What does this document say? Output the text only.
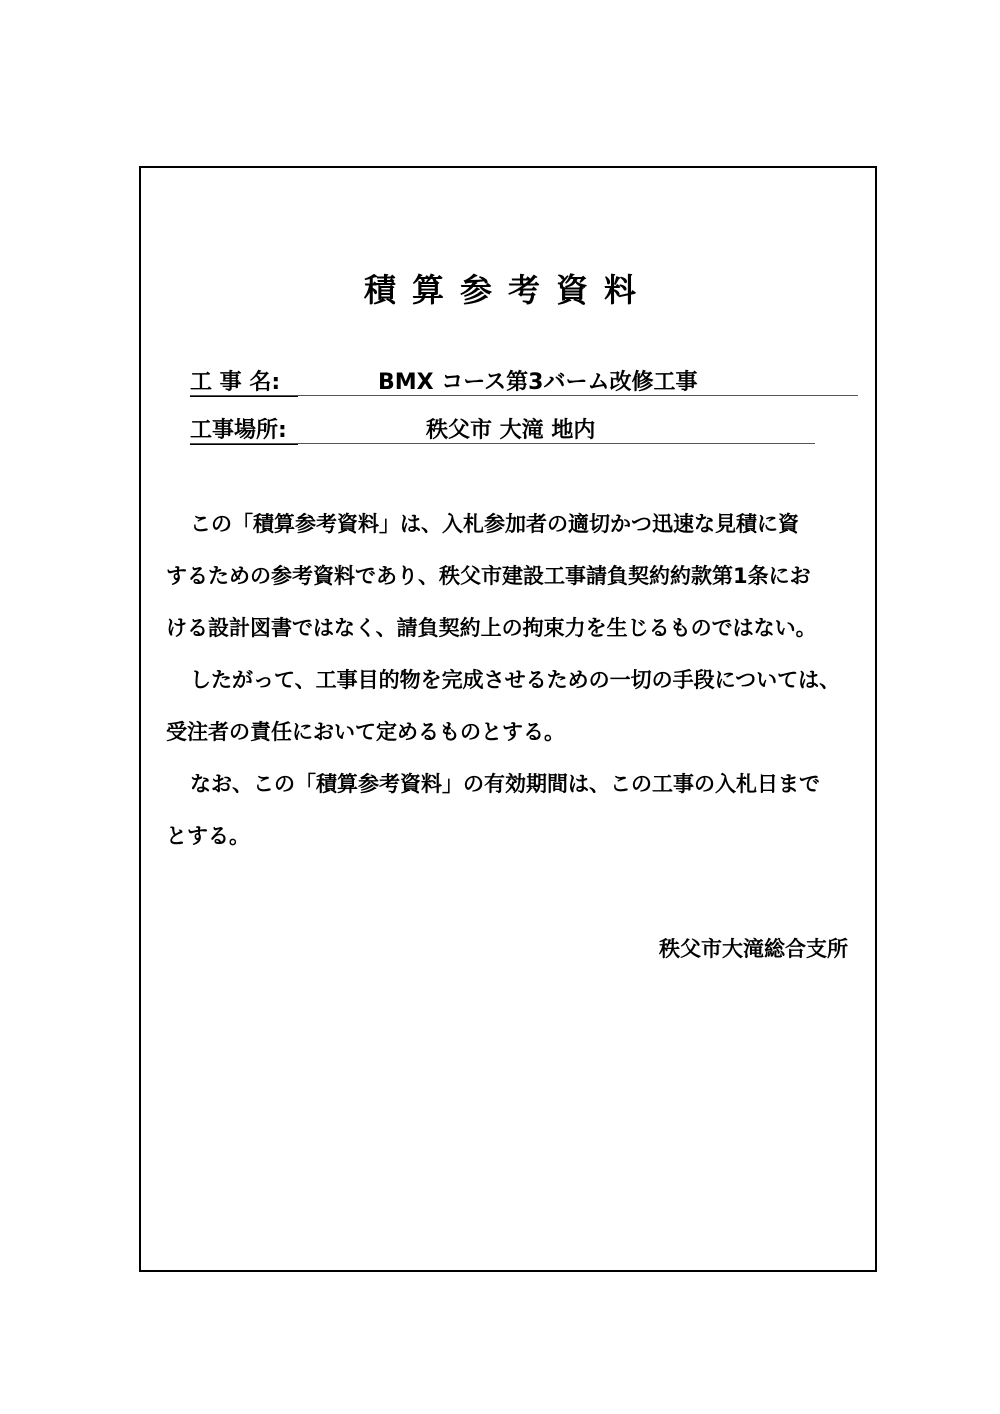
積算参考資料
工 事 名:	BMX コース第3バーム改修工事
工事場所:	秩父市 大滝 地内
この「積算参考資料」は、入札参加者の適切かつ迅速な見積に資
するための参考資料であり、秩父市建設工事請負契約約款第1条にお
ける設計図書ではなく、請負契約上の拘束力を生じるものではない。
したがって、工事目的物を完成させるための一切の手段については、
受注者の責任において定めるものとする。
なお、この「積算参考資料」の有効期間は、この工事の入札日まで
とする。
秩父市大滝総合支所
